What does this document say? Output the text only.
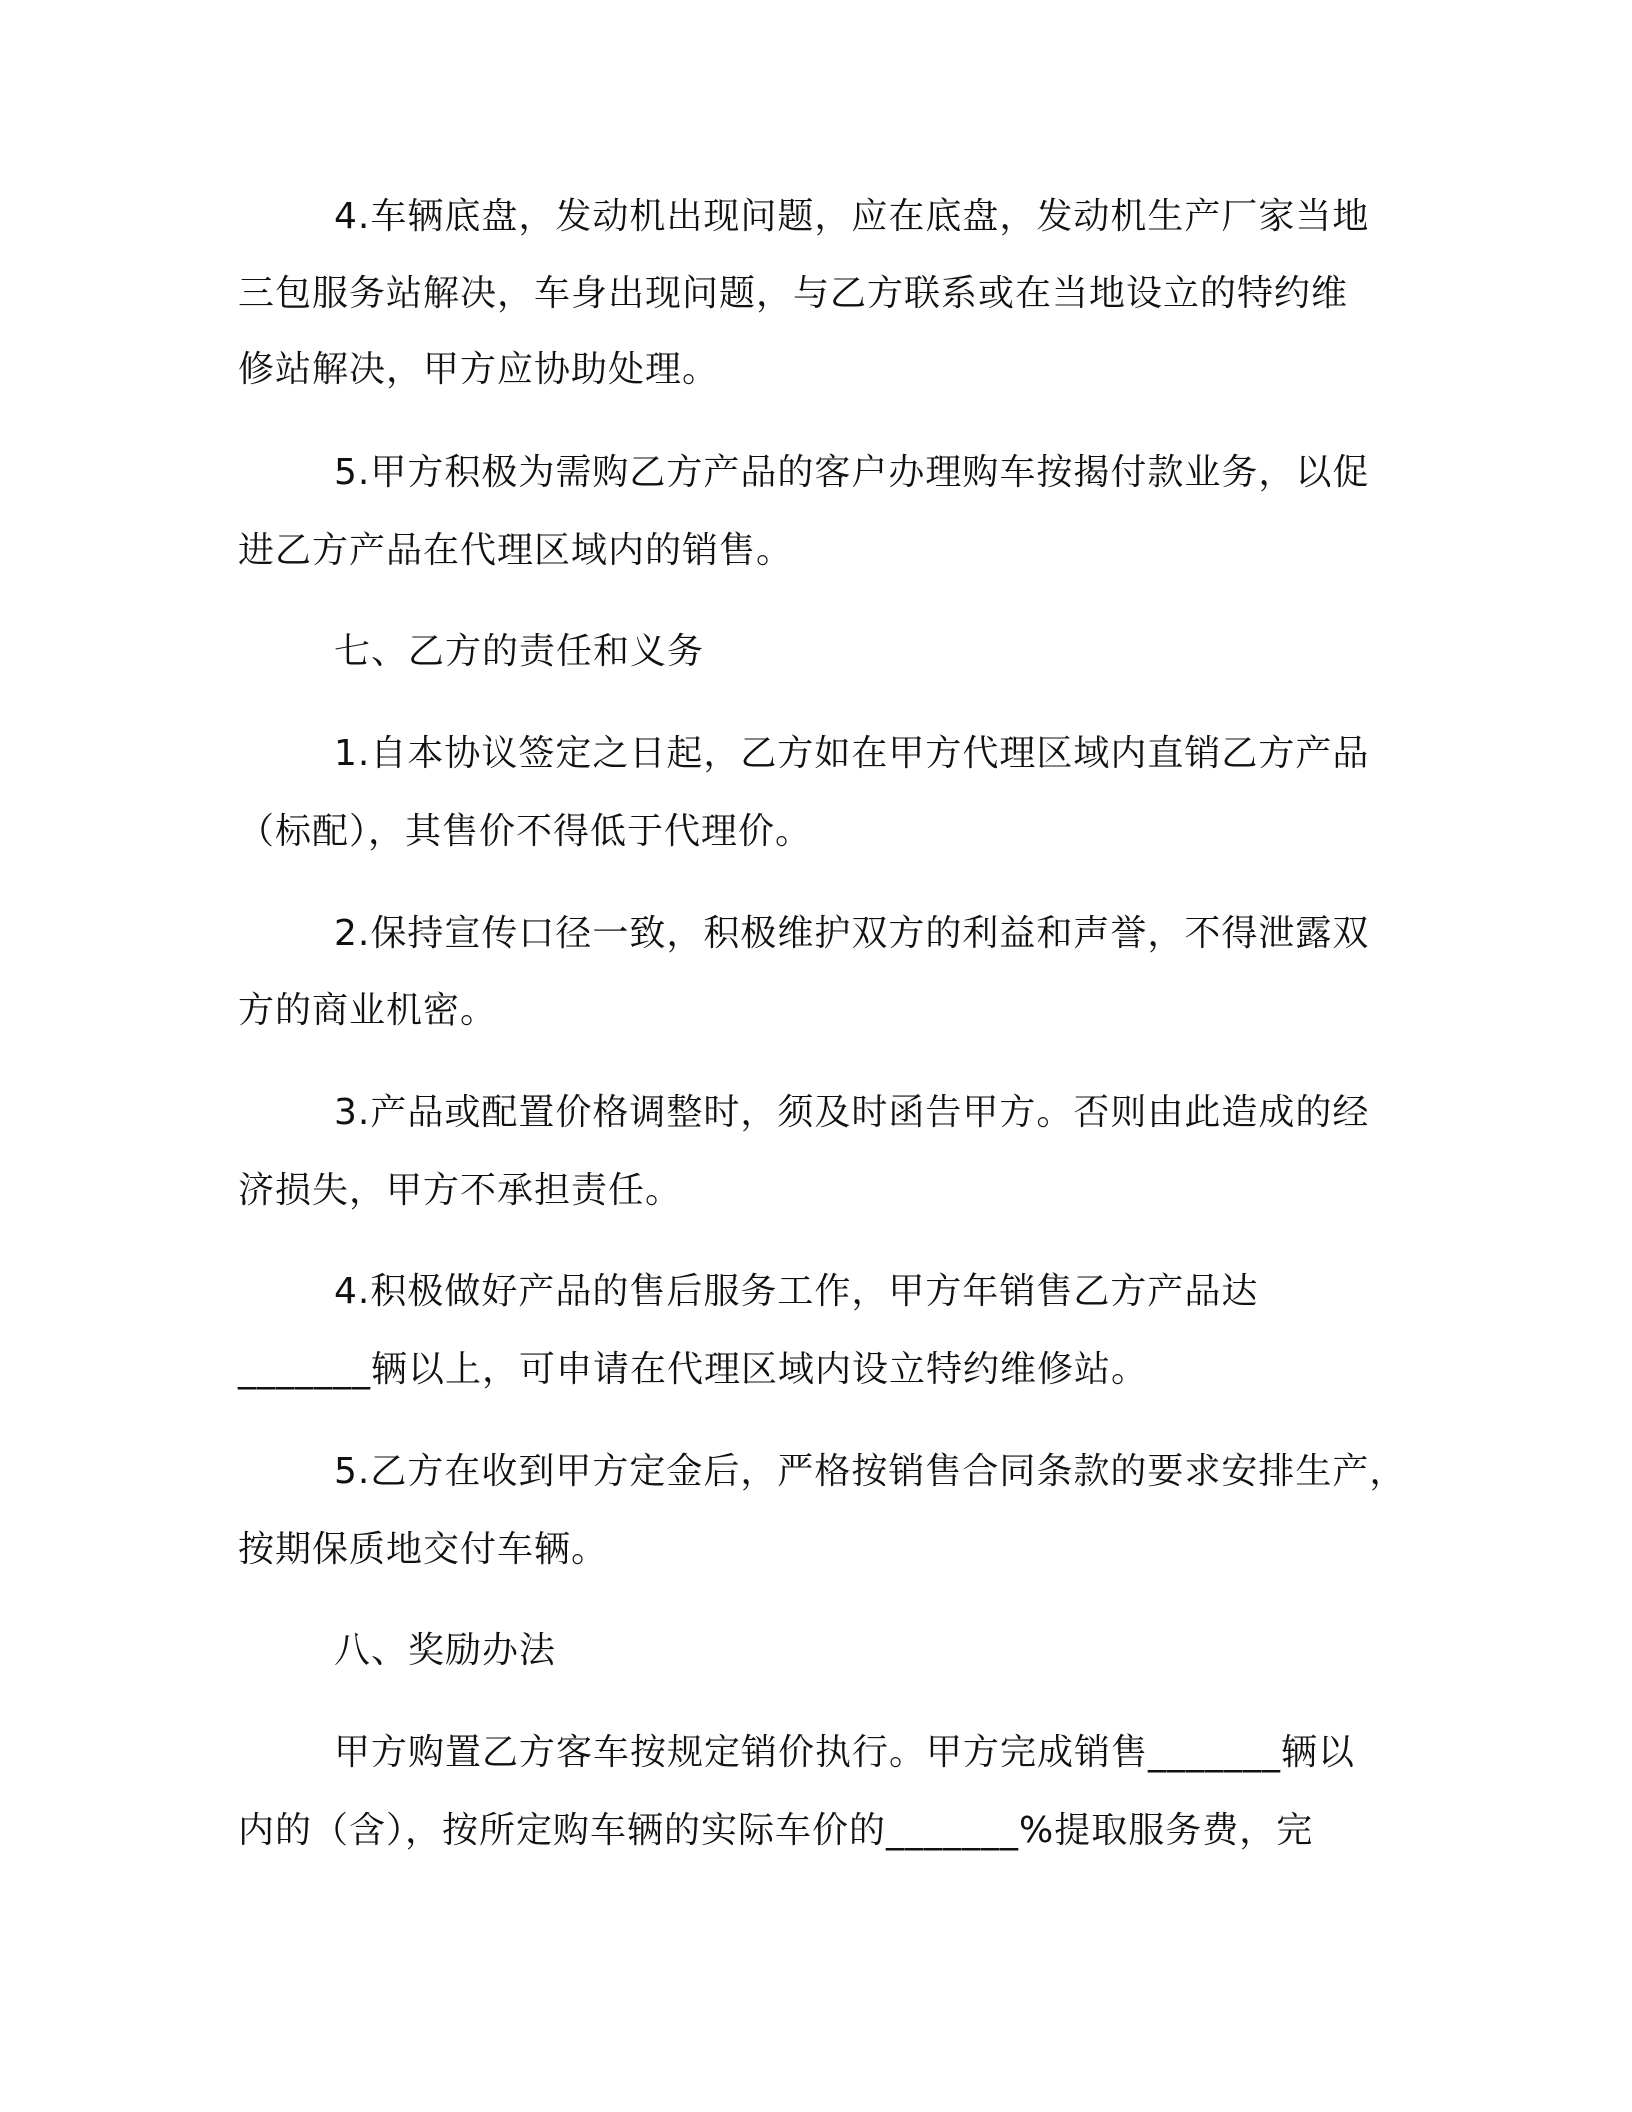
4.车辆底盘，发动机出现问题，应在底盘，发动机生产厂家当地
三包服务站解决，车身出现问题，与乙方联系或在当地设立的特约维
修站解决，甲方应协助处理。
5.甲方积极为需购乙方产品的客户办理购车按揭付款业务，以促
进乙方产品在代理区域内的销售。
七、乙方的责任和义务
1.自本协议签定之日起，乙方如在甲方代理区域内直销乙方产品
（标配），其售价不得低于代理价。
2.保持宣传口径一致，积极维护双方的利益和声誉，不得泄露双
方的商业机密。
3.产品或配置价格调整时，须及时函告甲方。否则由此造成的经
济损失，甲方不承担责任。
4.积极做好产品的售后服务工作，甲方年销售乙方产品达
_______辆以上，可申请在代理区域内设立特约维修站。
5.乙方在收到甲方定金后，严格按销售合同条款的要求安排生产，
按期保质地交付车辆。
八、奖励办法
甲方购置乙方客车按规定销价执行。甲方完成销售_______辆以
内的（含），按所定购车辆的实际车价的_______%提取服务费，完
